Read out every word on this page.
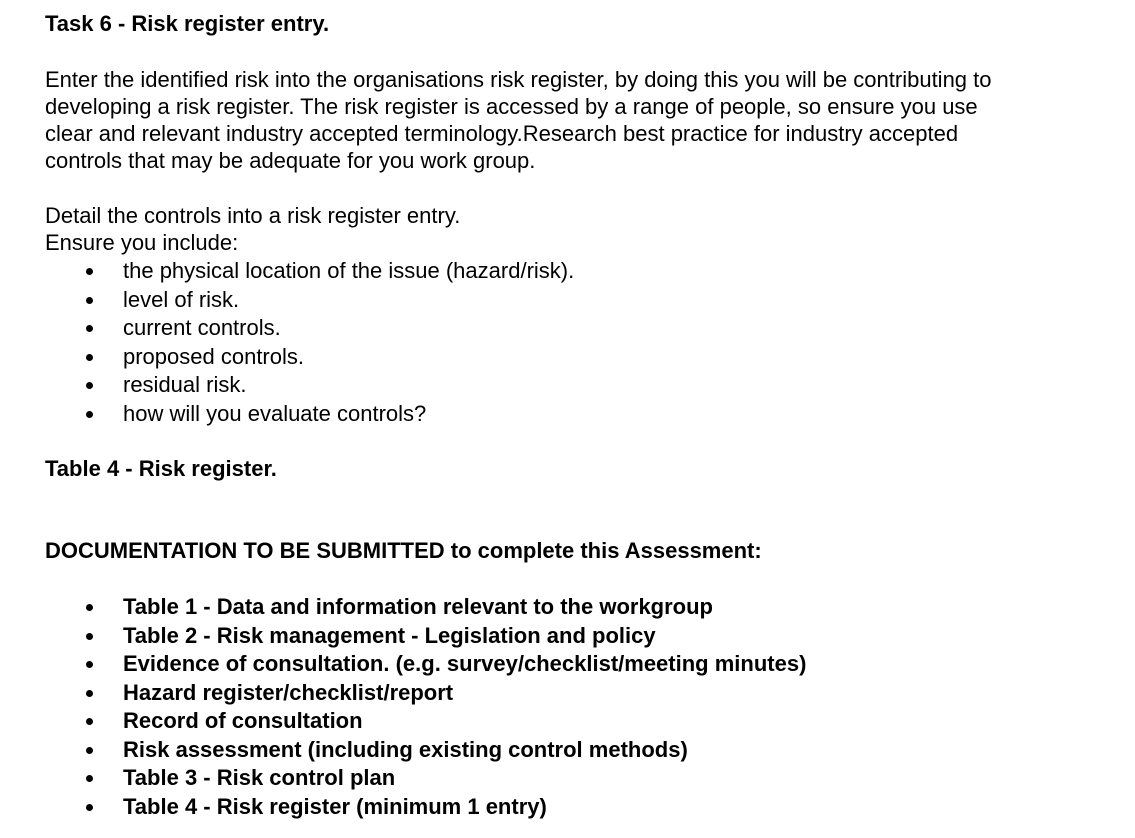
Task 6 - Risk register entry.
Enter the identified risk into the organisations risk register, by doing this you will be contributing to
developing a risk register. The risk register is accessed by a range of people, so ensure you use
clear and relevant industry accepted terminology.Research best practice for industry accepted
controls that may be adequate for you work group.
Detail the controls into a risk register entry.
Ensure you include:
the physical location of the issue (hazard/risk).
level of risk.
current controls.
proposed controls.
residual risk.
how will you evaluate controls?
Table 4 - Risk register.
DOCUMENTATION TO BE SUBMITTED to complete this Assessment:
Table 1 - Data and information relevant to the workgroup
Table 2 - Risk management - Legislation and policy
Evidence of consultation. (e.g. survey/checklist/meeting minutes)
Hazard register/checklist/report
Record of consultation
Risk assessment (including existing control methods)
Table 3 - Risk control plan
Table 4 - Risk register (minimum 1 entry)
